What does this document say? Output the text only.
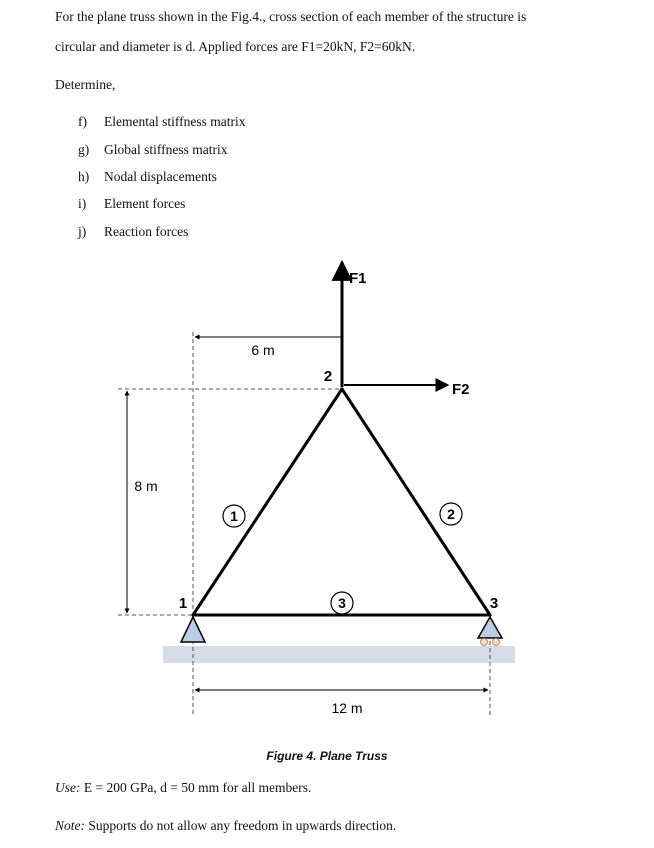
For the plane truss shown in the Fig.4., cross section of each member of the structure is

circular and diameter is d. Applied forces are F1=20kN, F2=60kN.

Determine,

f) Elemental stiffness matrix

g) Global stiffness matrix

h) Nodal displacements

i) Element forces

j) Reaction forces

1	2
3
1
2
3
F1
F2
6 m
8 m
12 m
Figure 4. Plane Truss

Use: E = 200 GPa, d = 50 mm for all members.

Note: Supports do not allow any freedom in upwards direction.
